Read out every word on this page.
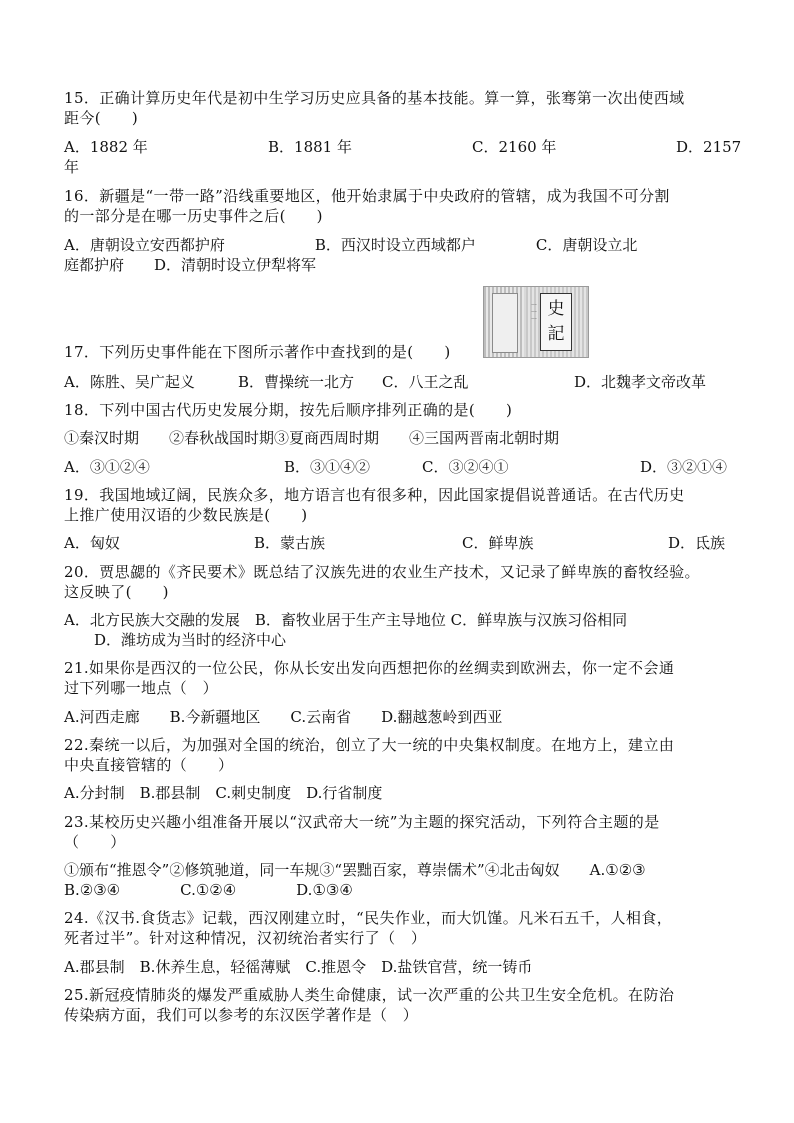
15．正确计算历史年代是初中生学习历史应具备的基本技能。算一算，张骞第一次出使西域
距今(　　)
A．1882 年	B．1881 年	C．2160 年	D．2157
年
16．新疆是“一带一路”沿线重要地区，他开始隶属于中央政府的管辖，成为我国不可分割
的一部分是在哪一历史事件之后(　　)
A．唐朝设立安西都护府　　　　　　B．西汉时设立西域都户　　　　C．唐朝设立北
庭都护府　　D．清朝时设立伊犁将军
···
···
···
史記
17．下列历史事件能在下图所示著作中查找到的是(　　)
A．陈胜、吴广起义	B．曹操统一北方 C．八王之乱	D．北魏孝文帝改革
18．下列中国古代历史发展分期，按先后顺序排列正确的是(　　)
①秦汉时期　　②春秋战国时期③夏商西周时期　　④三国两晋南北朝时期
A．③①②④	B．③①④②	C．③②④①	D．③②①④
19．我国地域辽阔，民族众多，地方语言也有很多种，因此国家提倡说普通话。在古代历史
上推广使用汉语的少数民族是(　　)
A．匈奴	B．蒙古族	C．鲜卑族	D．氐族
20．贾思勰的《齐民要术》既总结了汉族先进的农业生产技术，又记录了鲜卑族的畜牧经验。
这反映了(　　)
A．北方民族大交融的发展　B．畜牧业居于生产主导地位 C．鲜卑族与汉族习俗相同
　　D．潍坊成为当时的经济中心
21.如果你是西汉的一位公民，你从长安出发向西想把你的丝绸卖到欧洲去，你一定不会通
过下列哪一地点（　）
A.河西走廊　　B.今新疆地区　　C.云南省　　D.翻越葱岭到西亚
22.秦统一以后，为加强对全国的统治，创立了大一统的中央集权制度。在地方上，建立由
中央直接管辖的（　　）
A.分封制　B.郡县制　C.刺史制度　D.行省制度
23.某校历史兴趣小组准备开展以“汉武帝大一统”为主题的探究活动，下列符合主题的是
（　　）
①颁布“推恩令”②修筑驰道，同一车规③“罢黜百家，尊崇儒术”④北击匈奴　　A.①②③
B.②③④　　　　C.①②④　　　　D.①③④
24.《汉书.食货志》记载，西汉刚建立时，“民失作业，而大饥馑。凡米石五千，人相食，
死者过半”。针对这种情况，汉初统治者实行了（　）
A.郡县制　B.休养生息，轻徭薄赋　C.推恩令　D.盐铁官营，统一铸币
25.新冠疫情肺炎的爆发严重威胁人类生命健康，试一次严重的公共卫生安全危机。在防治
传染病方面，我们可以参考的东汉医学著作是（　）
